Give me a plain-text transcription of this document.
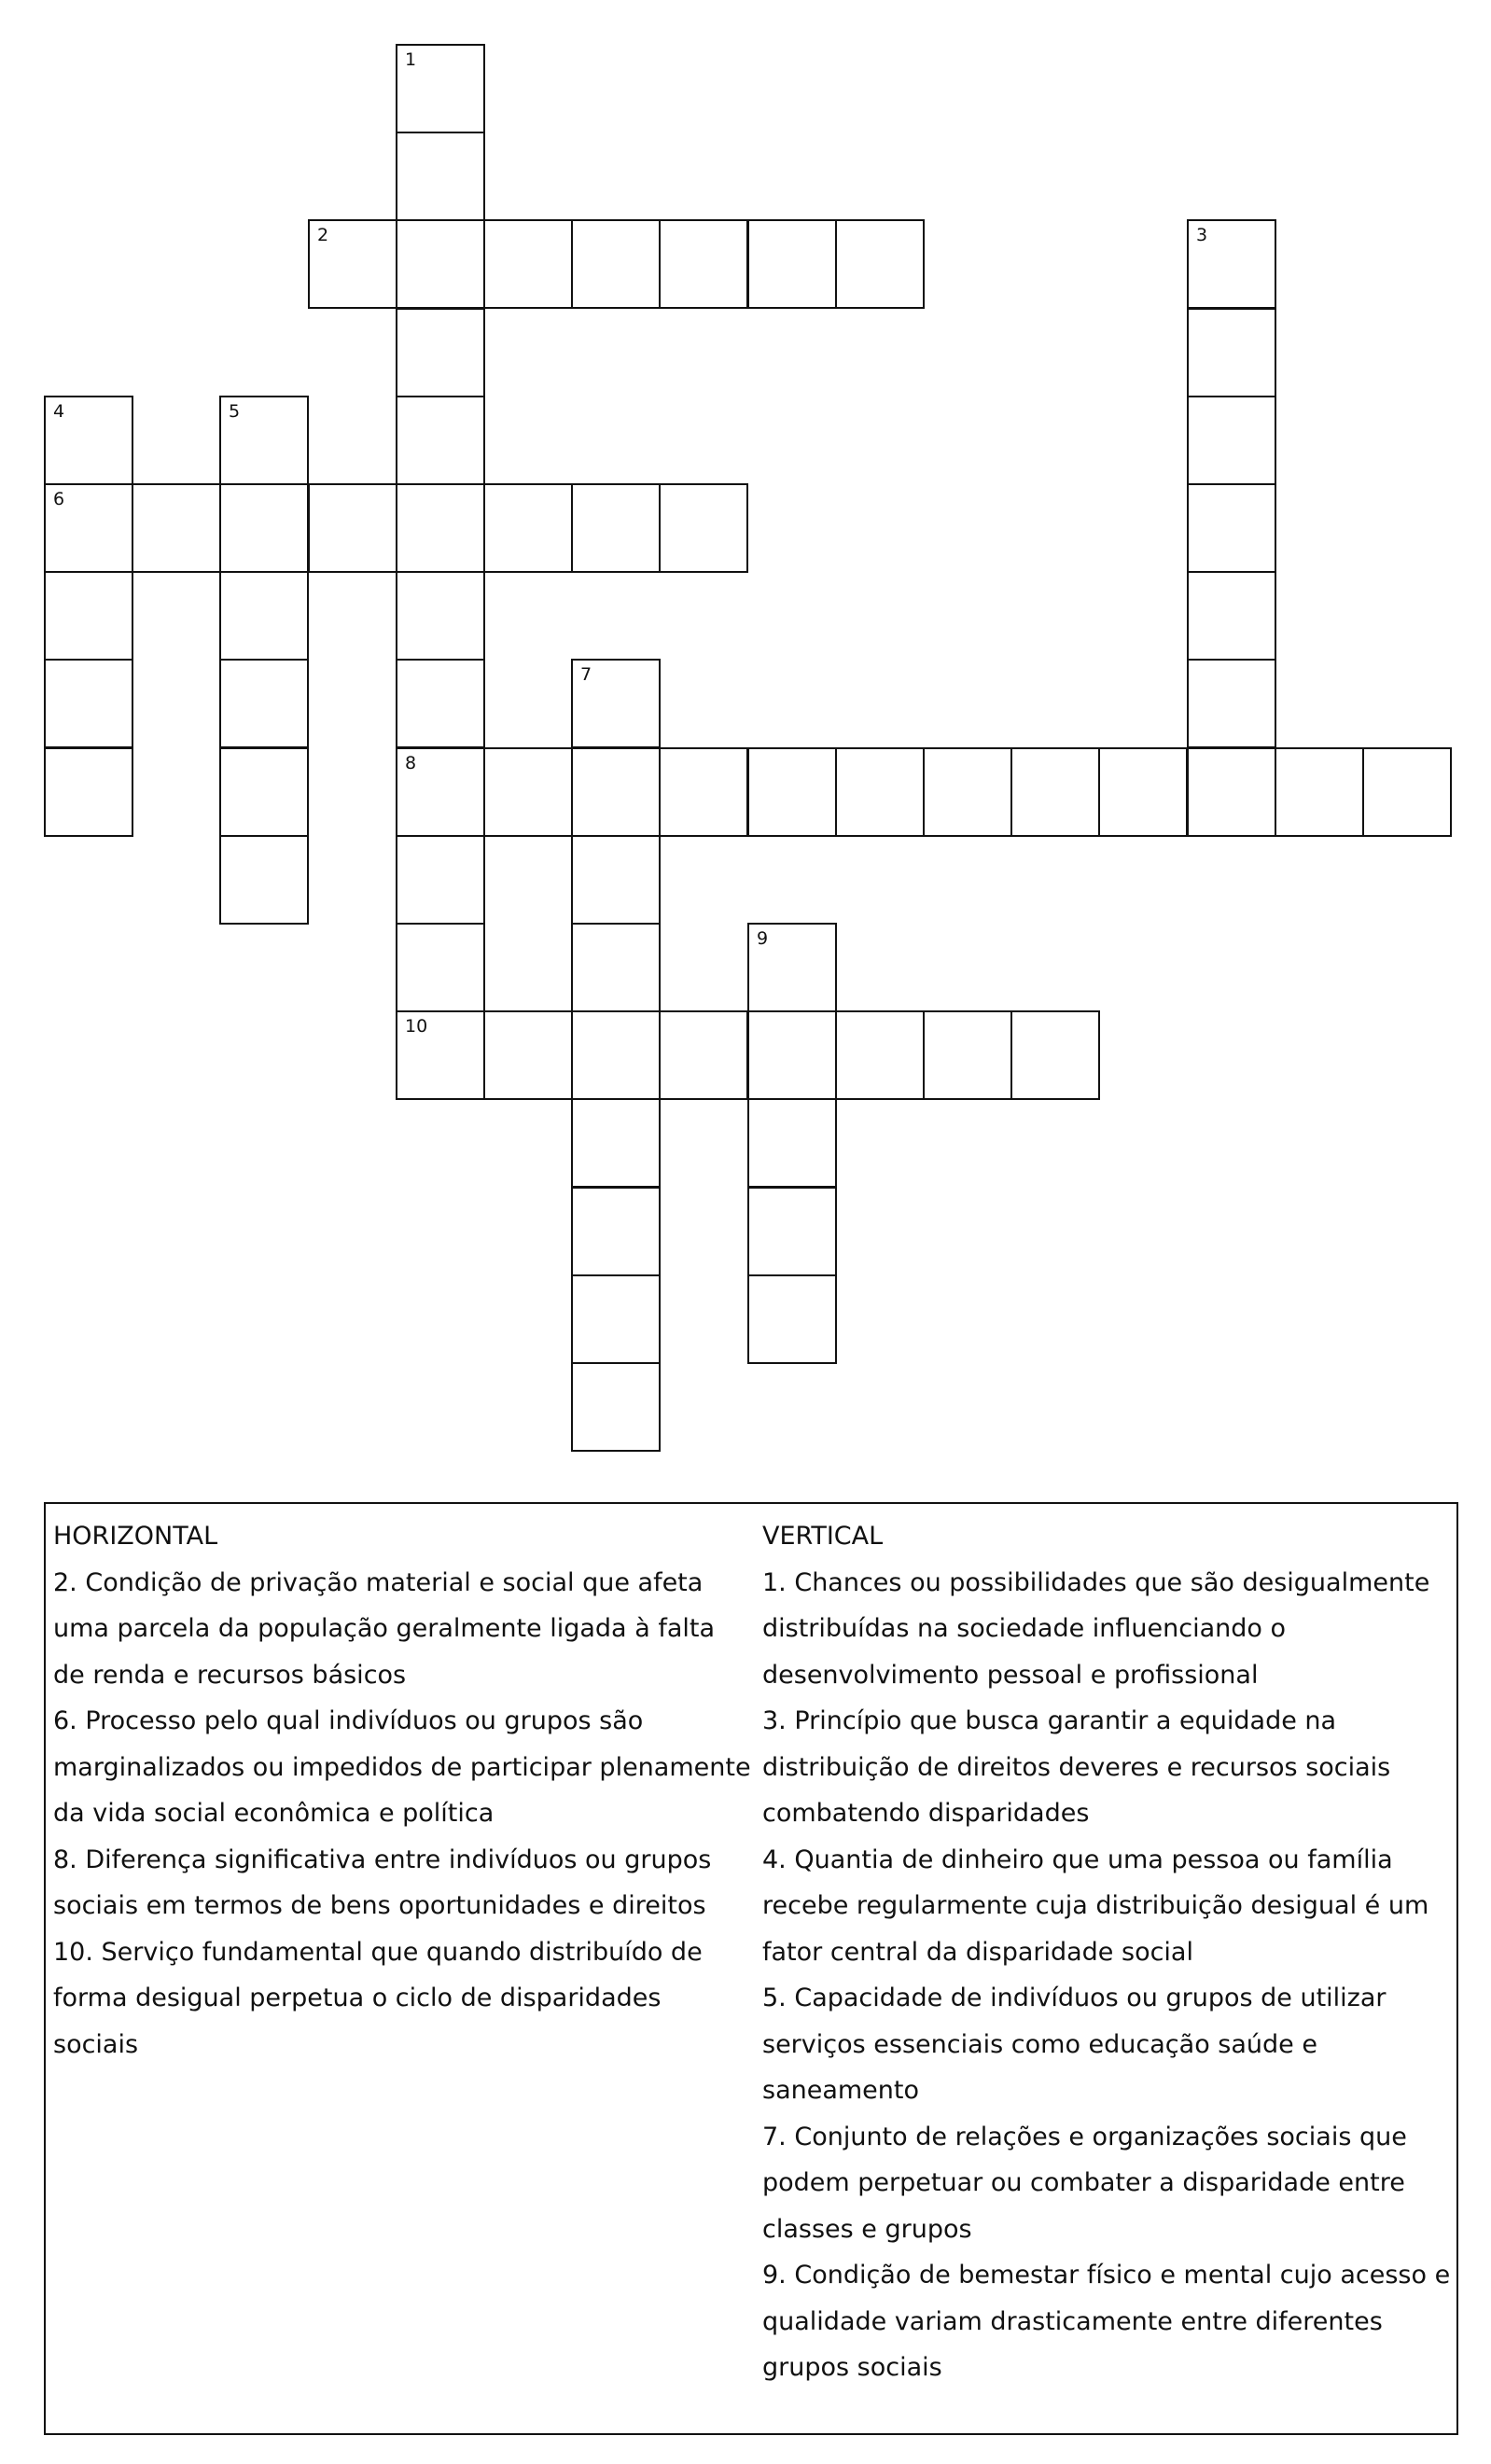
1
8
10
2	3
4
6
5
7
9

HORIZONTAL

2. Condição de privação material e social que afeta uma parcela da população geralmente ligada à falta de renda e recursos básicos

6. Processo pelo qual indivíduos ou grupos são marginalizados ou impedidos de participar plenamente da vida social econômica e política

8. Diferença significativa entre indivíduos ou grupos sociais em termos de bens oportunidades e direitos

10. Serviço fundamental que quando distribuído de forma desigual perpetua o ciclo de disparidades sociais

VERTICAL

1. Chances ou possibilidades que são desigualmente distribuídas na sociedade influenciando o desenvolvimento pessoal e profissional

3. Princípio que busca garantir a equidade na distribuição de direitos deveres e recursos sociais combatendo disparidades

4. Quantia de dinheiro que uma pessoa ou família recebe regularmente cuja distribuição desigual é um fator central da disparidade social

5. Capacidade de indivíduos ou grupos de utilizar serviços essenciais como educação saúde e saneamento

7. Conjunto de relações e organizações sociais que podem perpetuar ou combater a disparidade entre classes e grupos

9. Condição de bemestar físico e mental cujo acesso e qualidade variam drasticamente entre diferentes grupos sociais
